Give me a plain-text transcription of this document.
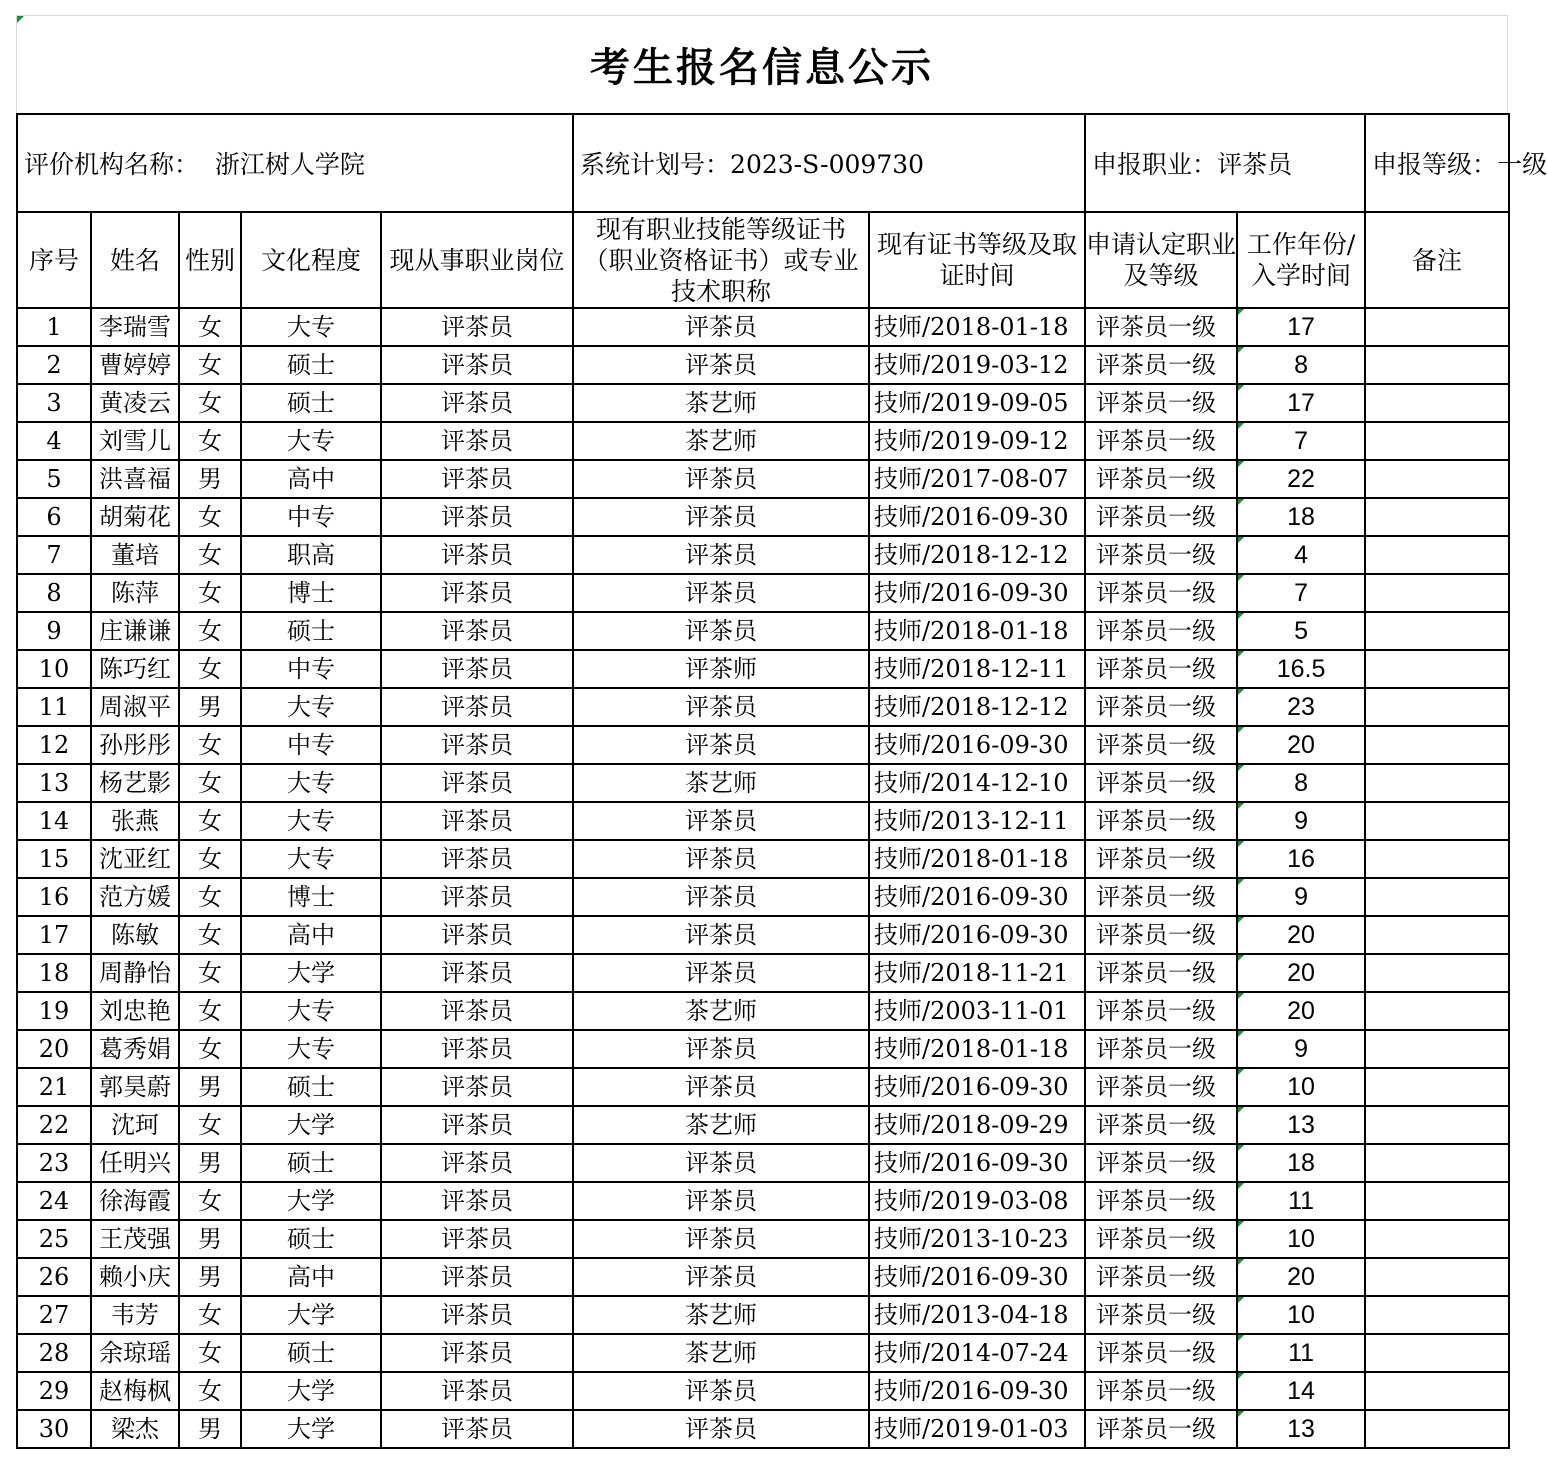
考生报名信息公示
评价机构名称： 浙江树人学院					系统计划号：2023-S-009730		申报职业：评茶员		申报等级：一级
序号	姓名	性别	文化程度	现从事职业岗位	现有职业技能等级证书（职业资格证书）或专业技术职称	现有证书等级及取证时间	申请认定职业及等级	工作年份/入学时间	备注
1	李瑞雪	女	大专	评茶员	评茶员	技师/2018-01-18	评茶员一级	17	
2	曹婷婷	女	硕士	评茶员	评茶员	技师/2019-03-12	评茶员一级	8	
3	黄凌云	女	硕士	评茶员	茶艺师	技师/2019-09-05	评茶员一级	17	
4	刘雪儿	女	大专	评茶员	茶艺师	技师/2019-09-12	评茶员一级	7	
5	洪喜福	男	高中	评茶员	评茶员	技师/2017-08-07	评茶员一级	22	
6	胡菊花	女	中专	评茶员	评茶员	技师/2016-09-30	评茶员一级	18	
7	董培	女	职高	评茶员	评茶员	技师/2018-12-12	评茶员一级	4	
8	陈萍	女	博士	评茶员	评茶员	技师/2016-09-30	评茶员一级	7	
9	庄谦谦	女	硕士	评茶员	评茶员	技师/2018-01-18	评茶员一级	5	
10	陈巧红	女	中专	评茶员	评茶师	技师/2018-12-11	评茶员一级	16.5	
11	周淑平	男	大专	评茶员	评茶员	技师/2018-12-12	评茶员一级	23	
12	孙彤彤	女	中专	评茶员	评茶员	技师/2016-09-30	评茶员一级	20	
13	杨艺影	女	大专	评茶员	茶艺师	技师/2014-12-10	评茶员一级	8	
14	张燕	女	大专	评茶员	评茶员	技师/2013-12-11	评茶员一级	9	
15	沈亚红	女	大专	评茶员	评茶员	技师/2018-01-18	评茶员一级	16	
16	范方媛	女	博士	评茶员	评茶员	技师/2016-09-30	评茶员一级	9	
17	陈敏	女	高中	评茶员	评茶员	技师/2016-09-30	评茶员一级	20	
18	周静怡	女	大学	评茶员	评茶员	技师/2018-11-21	评茶员一级	20	
19	刘忠艳	女	大专	评茶员	茶艺师	技师/2003-11-01	评茶员一级	20	
20	葛秀娟	女	大专	评茶员	评茶员	技师/2018-01-18	评茶员一级	9	
21	郭昊蔚	男	硕士	评茶员	评茶员	技师/2016-09-30	评茶员一级	10	
22	沈珂	女	大学	评茶员	茶艺师	技师/2018-09-29	评茶员一级	13	
23	任明兴	男	硕士	评茶员	评茶员	技师/2016-09-30	评茶员一级	18	
24	徐海霞	女	大学	评茶员	评茶员	技师/2019-03-08	评茶员一级	11	
25	王茂强	男	硕士	评茶员	评茶员	技师/2013-10-23	评茶员一级	10	
26	赖小庆	男	高中	评茶员	评茶员	技师/2016-09-30	评茶员一级	20	
27	韦芳	女	大学	评茶员	茶艺师	技师/2013-04-18	评茶员一级	10	
28	余琼瑶	女	硕士	评茶员	茶艺师	技师/2014-07-24	评茶员一级	11	
29	赵梅枫	女	大学	评茶员	评茶员	技师/2016-09-30	评茶员一级	14	
30	梁杰	男	大学	评茶员	评茶员	技师/2019-01-03	评茶员一级	13	
